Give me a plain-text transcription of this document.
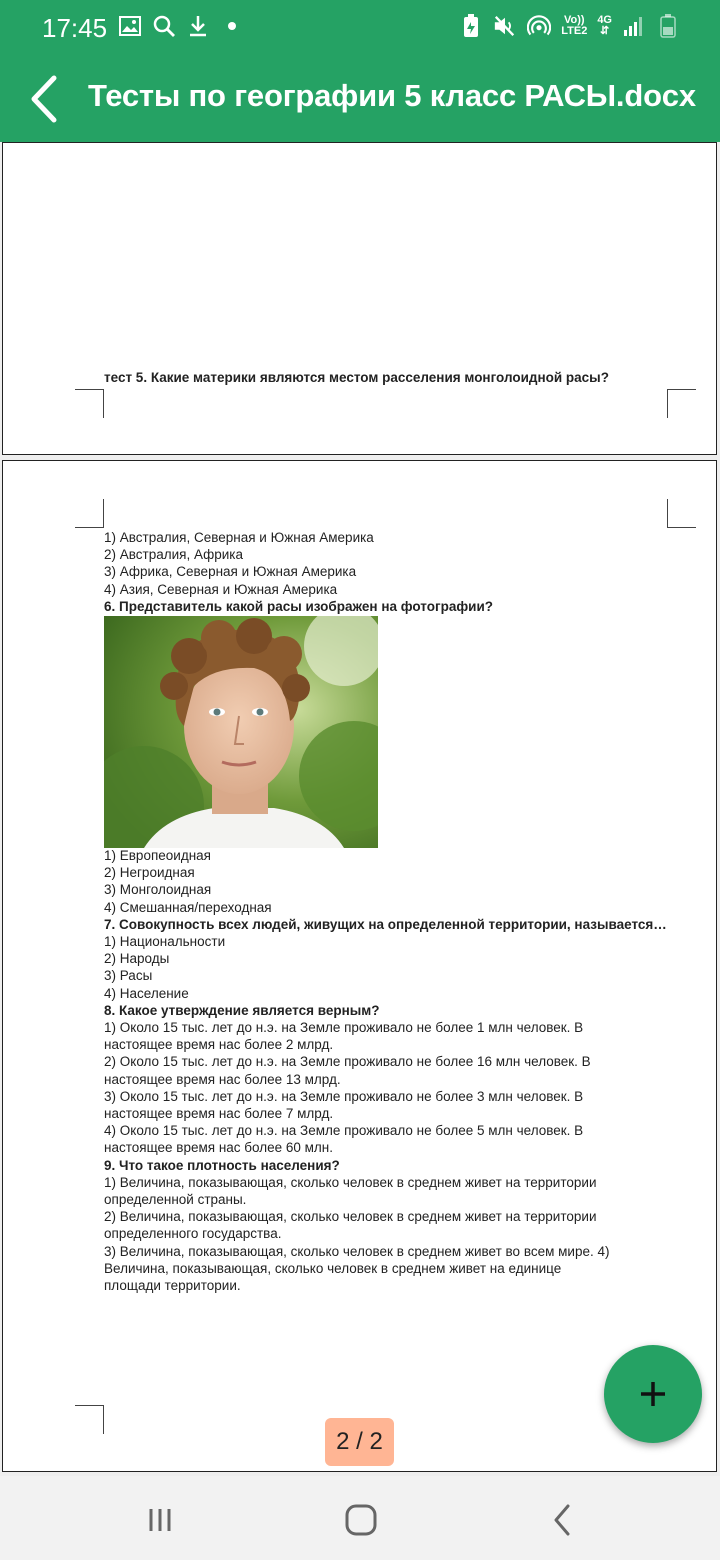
17:45	Vo))
LTE2
4G
⇵
Тесты по географии 5 класс РАСЫ.docx
тест 5. Какие материки являются местом расселения монголоидной расы?
1) Австралия, Северная и Южная Америка
2) Австралия, Африка
3) Африка, Северная и Южная Америка
4) Азия, Северная и Южная Америка
6. Представитель какой расы изображен на фотографии?
1) Европеоидная
2) Негроидная
3) Монголоидная
4) Смешанная/переходная
7. Совокупность всех людей, живущих на определенной территории, называется…
1) Национальности
2) Народы
3) Расы
4) Население
8. Какое утверждение является верным?
1) Около 15 тыс. лет до н.э. на Земле проживало не более 1 млн человек. В
настоящее время нас более 2 млрд.
2) Около 15 тыс. лет до н.э. на Земле проживало не более 16 млн человек. В
настоящее время нас более 13 млрд.
3) Около 15 тыс. лет до н.э. на Земле проживало не более 3 млн человек. В
настоящее время нас более 7 млрд.
4) Около 15 тыс. лет до н.э. на Земле проживало не более 5 млн человек. В
настоящее время нас более 60 млн.
9. Что такое плотность населения?
1) Величина, показывающая, сколько человек в среднем живет на территории
определенной страны.
2) Величина, показывающая, сколько человек в среднем живет на территории
определенного государства.
3) Величина, показывающая, сколько человек в среднем живет во всем мире. 4)
Величина, показывающая, сколько человек в среднем живет на единице
площади территории.
2 / 2
